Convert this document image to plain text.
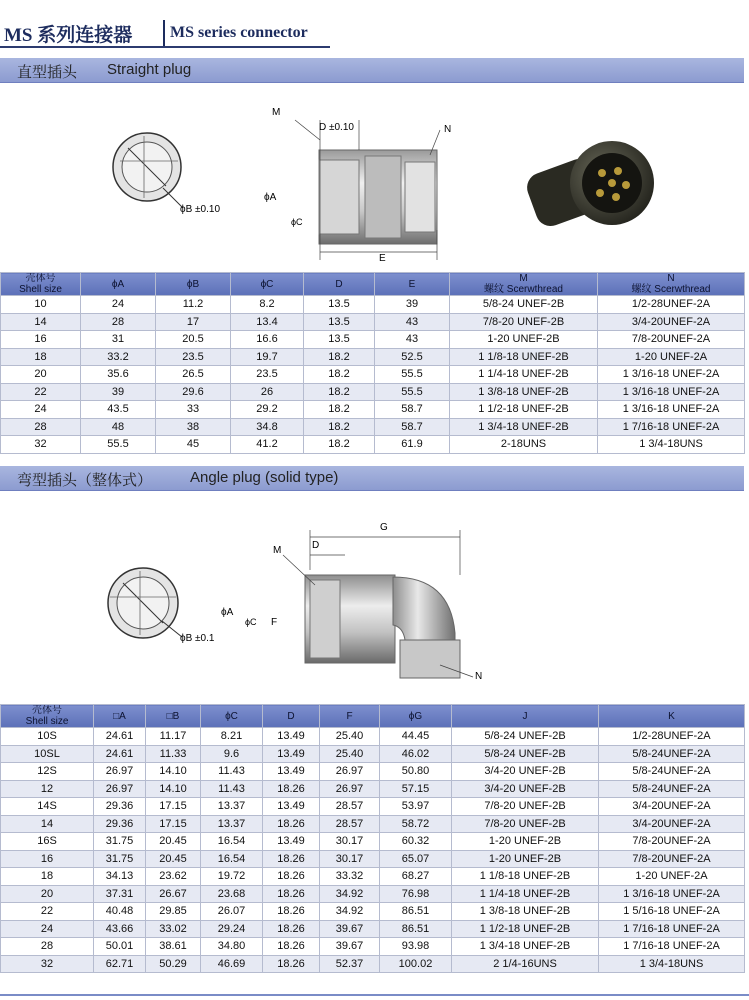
MS 系列连接器 MS series connector
直型插头 Straight plug
ϕB ±0.10
M
D ±0.10	N
ϕA
ϕC
E
壳体号
Shell size	ϕA	ϕB	ϕC	D	E	M
螺纹 Scerwthread	N
螺纹 Scerwthread
10	24	11.2	8.2	13.5	39	5/8-24 UNEF-2B	1/2-28UNEF-2A
14	28	17	13.4	13.5	43	7/8-20 UNEF-2B	3/4-20UNEF-2A
16	31	20.5	16.6	13.5	43	1-20 UNEF-2B	7/8-20UNEF-2A
18	33.2	23.5	19.7	18.2	52.5	1 1/8-18 UNEF-2B	1-20 UNEF-2A
20	35.6	26.5	23.5	18.2	55.5	1 1/4-18 UNEF-2B	1 3/16-18 UNEF-2A
22	39	29.6	26	18.2	55.5	1 3/8-18 UNEF-2B	1 3/16-18 UNEF-2A
24	43.5	33	29.2	18.2	58.7	1 1/2-18 UNEF-2B	1 3/16-18 UNEF-2A
28	48	38	34.8	18.2	58.7	1 3/4-18 UNEF-2B	1 7/16-18 UNEF-2A
32	55.5	45	41.2	18.2	61.9	2-18UNS	1 3/4-18UNS
弯型插头（整体式）	Angle plug (solid type)
ϕB ±0.1
G
D
M
ϕA
ϕC F
N
壳体号
Shell size	□A	□B	ϕC	D	F	ϕG	J	K
10S	24.61	11.17	8.21	13.49	25.40	44.45	5/8-24 UNEF-2B	1/2-28UNEF-2A
10SL	24.61	11.33	9.6	13.49	25.40	46.02	5/8-24 UNEF-2B	5/8-24UNEF-2A
12S	26.97	14.10	11.43	13.49	26.97	50.80	3/4-20 UNEF-2B	5/8-24UNEF-2A
12	26.97	14.10	11.43	18.26	26.97	57.15	3/4-20 UNEF-2B	5/8-24UNEF-2A
14S	29.36	17.15	13.37	13.49	28.57	53.97	7/8-20 UNEF-2B	3/4-20UNEF-2A
14	29.36	17.15	13.37	18.26	28.57	58.72	7/8-20 UNEF-2B	3/4-20UNEF-2A
16S	31.75	20.45	16.54	13.49	30.17	60.32	1-20 UNEF-2B	7/8-20UNEF-2A
16	31.75	20.45	16.54	18.26	30.17	65.07	1-20 UNEF-2B	7/8-20UNEF-2A
18	34.13	23.62	19.72	18.26	33.32	68.27	1 1/8-18 UNEF-2B	1-20 UNEF-2A
20	37.31	26.67	23.68	18.26	34.92	76.98	1 1/4-18 UNEF-2B	1 3/16-18 UNEF-2A
22	40.48	29.85	26.07	18.26	34.92	86.51	1 3/8-18 UNEF-2B	1 5/16-18 UNEF-2A
24	43.66	33.02	29.24	18.26	39.67	86.51	1 1/2-18 UNEF-2B	1 7/16-18 UNEF-2A
28	50.01	38.61	34.80	18.26	39.67	93.98	1 3/4-18 UNEF-2B	1 7/16-18 UNEF-2A
32	62.71	50.29	46.69	18.26	52.37	100.02	2 1/4-16UNS	1 3/4-18UNS
